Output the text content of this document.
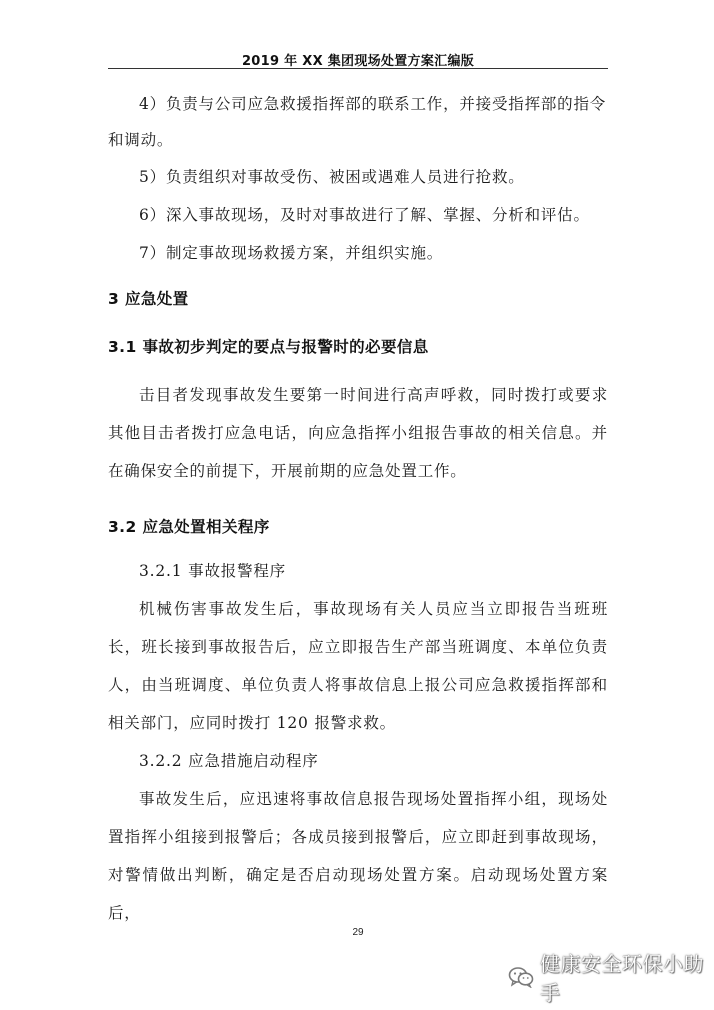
2019 年 XX 集团现场处置方案汇编版

4）负责与公司应急救援指挥部的联系工作，并接受指挥部的指令和调动。

5）负责组织对事故受伤、被困或遇难人员进行抢救。

6）深入事故现场，及时对事故进行了解、掌握、分析和评估。

7）制定事故现场救援方案，并组织实施。

3 应急处置
3.1 事故初步判定的要点与报警时的必要信息

击目者发现事故发生要第一时间进行高声呼救，同时拨打或要求其他目击者拨打应急电话，向应急指挥小组报告事故的相关信息。并在确保安全的前提下，开展前期的应急处置工作。

3.2 应急处置相关程序

3.2.1 事故报警程序

机械伤害事故发生后，事故现场有关人员应当立即报告当班班长，班长接到事故报告后，应立即报告生产部当班调度、本单位负责人，由当班调度、单位负责人将事故信息上报公司应急救援指挥部和相关部门，应同时拨打 120 报警求救。

3.2.2 应急措施启动程序

事故发生后，应迅速将事故信息报告现场处置指挥小组，现场处置指挥小组接到报警后；各成员接到报警后，应立即赶到事故现场，对警情做出判断，确定是否启动现场处置方案。启动现场处置方案后，

29
健康安全环保小助手
